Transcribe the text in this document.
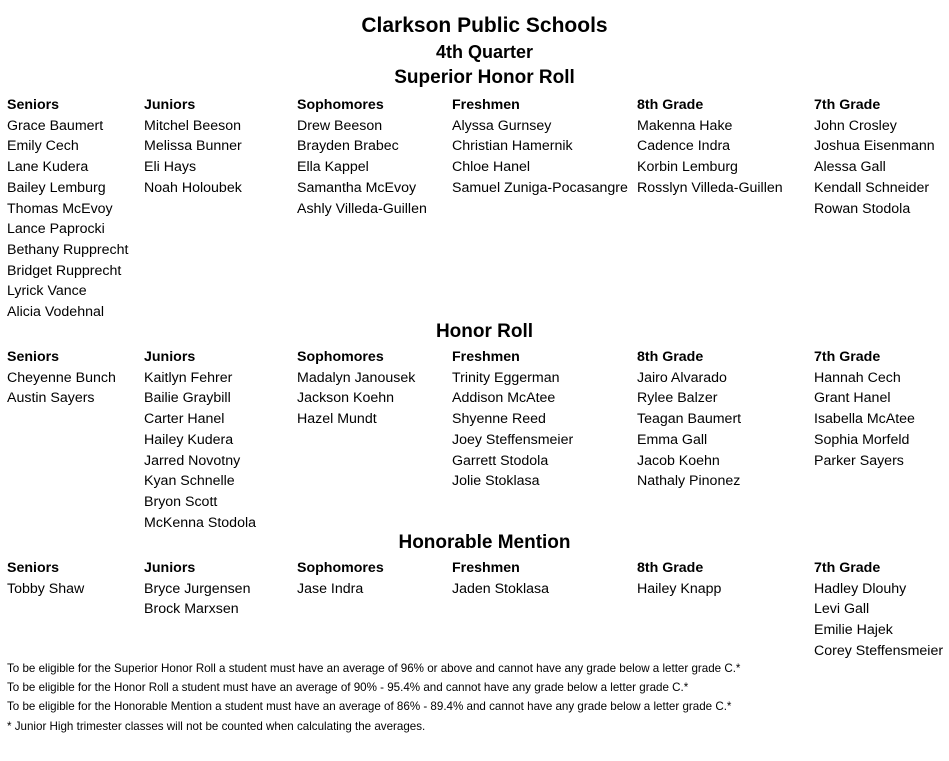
Clarkson Public Schools
4th Quarter
Superior Honor Roll
Seniors
Grace Baumert
Emily Cech
Lane Kudera
Bailey Lemburg
Thomas McEvoy
Lance Paprocki
Bethany Rupprecht
Bridget Rupprecht
Lyrick Vance
Alicia Vodehnal
Juniors
Mitchel Beeson
Melissa Bunner
Eli Hays
Noah Holoubek
Sophomores
Drew Beeson
Brayden Brabec
Ella Kappel
Samantha McEvoy
Ashly Villeda-Guillen
Freshmen
Alyssa Gurnsey
Christian Hamernik
Chloe Hanel
Samuel Zuniga-Pocasangre
8th Grade
Makenna Hake
Cadence Indra
Korbin Lemburg
Rosslyn Villeda-Guillen
7th Grade
John Crosley
Joshua Eisenmann
Alessa Gall
Kendall Schneider
Rowan Stodola
Honor Roll
Seniors
Cheyenne Bunch
Austin Sayers
Juniors
Kaitlyn Fehrer
Bailie Graybill
Carter Hanel
Hailey Kudera
Jarred Novotny
Kyan Schnelle
Bryon Scott
McKenna Stodola
Sophomores
Madalyn Janousek
Jackson Koehn
Hazel Mundt
Freshmen
Trinity Eggerman
Addison McAtee
Shyenne Reed
Joey Steffensmeier
Garrett Stodola
Jolie Stoklasa
8th Grade
Jairo Alvarado
Rylee Balzer
Teagan Baumert
Emma Gall
Jacob Koehn
Nathaly Pinonez
7th Grade
Hannah Cech
Grant Hanel
Isabella McAtee
Sophia Morfeld
Parker Sayers
Honorable Mention
Seniors
Tobby Shaw
Juniors
Bryce Jurgensen
Brock Marxsen
Sophomores
Jase Indra
Freshmen
Jaden Stoklasa
8th Grade
Hailey Knapp
7th Grade
Hadley Dlouhy
Levi Gall
Emilie Hajek
Corey Steffensmeier
To be eligible for the Superior Honor Roll a student must have an average of 96% or above and cannot have any grade below a letter grade C.*
To be eligible for the Honor Roll a student must have an average of 90% - 95.4% and cannot have any grade below a letter grade C.*
To be eligible for the Honorable Mention a student must have an average of 86% - 89.4% and cannot have any grade below a letter grade C.*
* Junior High trimester classes will not be counted when calculating the averages.
